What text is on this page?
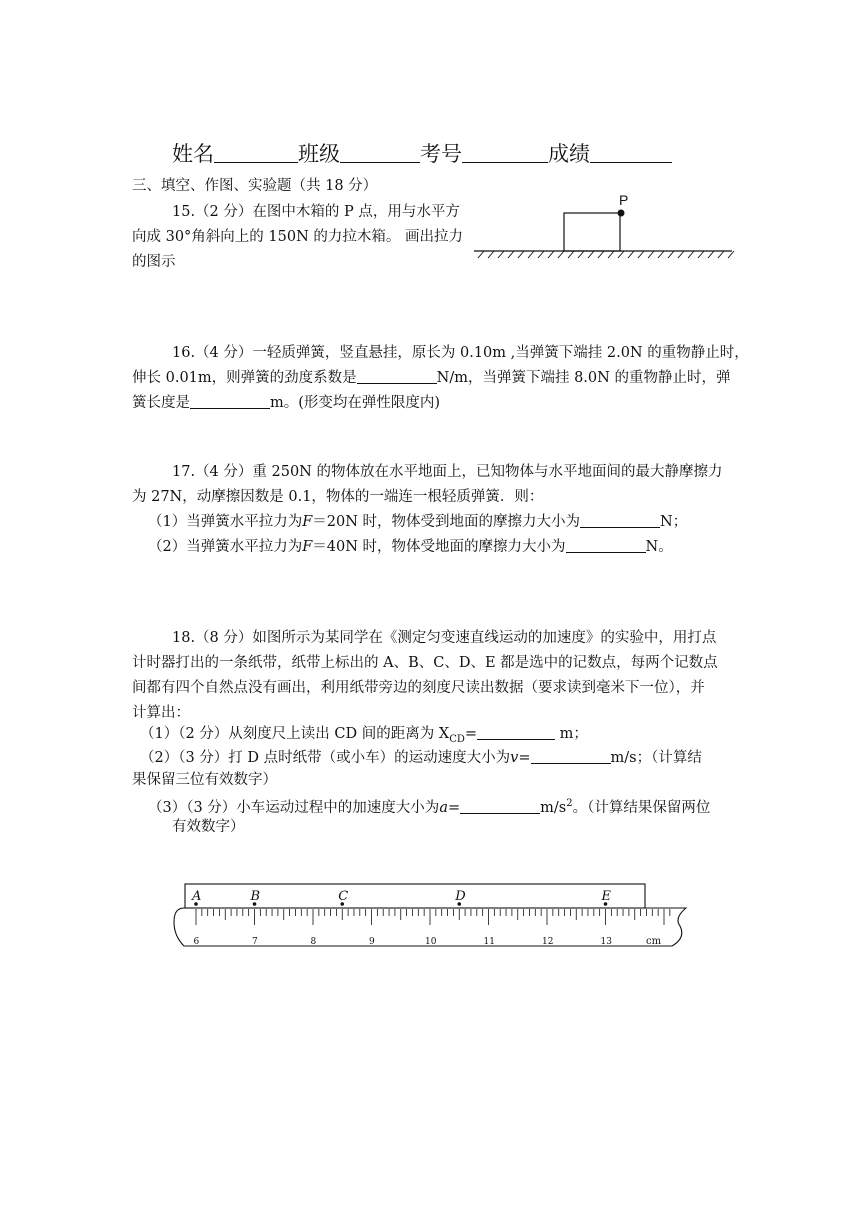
姓名	班级	考号	成绩
三、填空、作图、实验题（共 18 分）
15.（2 分）在图中木箱的 P 点，用与水平方
向成 30°角斜向上的 150N 的力拉木箱。 画出拉力
的图示
P
16.（4 分）一轻质弹簧，竖直悬挂，原长为 0.10m ,当弹簧下端挂 2.0N 的重物静止时，
伸长 0.01m，则弹簧的劲度系数是	N/m，当弹簧下端挂 8.0N 的重物静止时，弹
簧长度是	m。(形变均在弹性限度内)
17.（4 分）重 250N 的物体放在水平地面上，已知物体与水平地面间的最大静摩擦力
为 27N，动摩擦因数是 0.1，物体的一端连一根轻质弹簧．则：
（1）当弹簧水平拉力为F＝20N 时，物体受到地面的摩擦力大小为	N；
（2）当弹簧水平拉力为F＝40N 时，物体受地面的摩擦力大小为	N。
18.（8 分）如图所示为某同学在《测定匀变速直线运动的加速度》的实验中，用打点
计时器打出的一条纸带，纸带上标出的 A、B、C、D、E 都是选中的记数点，每两个记数点
间都有四个自然点没有画出，利用纸带旁边的刻度尺读出数据（要求读到毫米下一位），并
计算出：
（1）（2 分）从刻度尺上读出 CD 间的距离为 $X_{CD}=$	m；
（2）（3 分）打 D 点时纸带（或小车）的运动速度大小为v=	m/s；（计算结
果保留三位有效数字）
（3）（3 分）小车运动过程中的加速度大小为a=	$m/s^2$。（计算结果保留两位
有效数字）
6	7	8	9	10	11	12	13
A	B	C	D	E
cm
